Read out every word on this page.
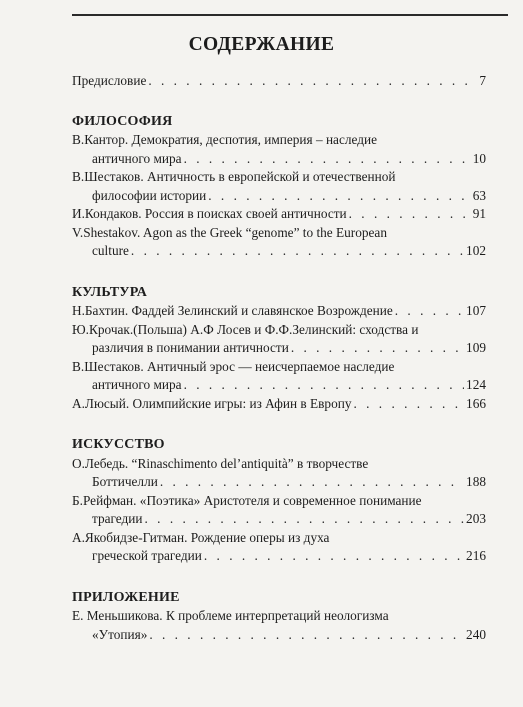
СОДЕРЖАНИЕ
Предисловие . . .	7
ФИЛОСОФИЯ
В.Кантор. Демократия, деспотия, империя – наследие
античного мира . . .	10
В.Шестаков. Античность в европейской и отечественной
философии истории . . .	63
И.Кондаков. Россия в поисках своей античности . . .	91
V.Shestakov. Agon as the Greek “genome” to the European
culture . . .	102
КУЛЬТУРА
Н.Бахтин. Фаддей Зелинский и славянское Возрождение . . .	107
Ю.Крочак.(Польша) А.Ф Лосев и Ф.Ф.Зелинский: сходства и
различия в понимании античности . . .	109
В.Шестаков. Античный эрос — неисчерпаемое наследие
античного мира . . .	124
А.Люсый. Олимпийские игры: из Афин в Европу . . .	166
ИСКУССТВО
О.Лебедь. “Rinaschimento del’antiquità” в творчестве
Боттичелли . . .	188
Б.Рейфман. «Поэтика» Аристотеля и современное понимание
трагедии . . .	203
А.Якобидзе-Гитман. Рождение оперы из духа
греческой трагедии . . .	216
ПРИЛОЖЕНИЕ
Е. Меньшикова. К проблеме интерпретаций неологизма
«Утопия» . . .	240
